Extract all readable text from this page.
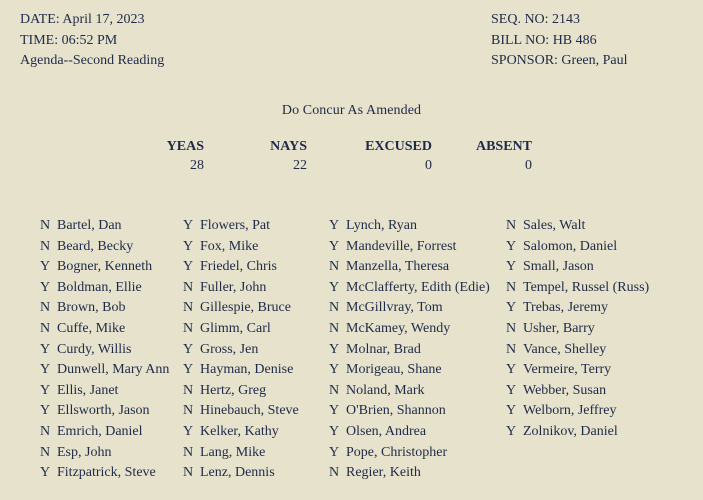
DATE: April 17, 2023
TIME: 06:52 PM
Agenda--Second Reading
SEQ. NO: 2143
BILL NO: HB 486
SPONSOR: Green, Paul
Do Concur As Amended
YEAS
28
NAYS
22
EXCUSED
0
ABSENT
0
N Bartel, Dan
N Beard, Becky
Y Bogner, Kenneth
Y Boldman, Ellie
N Brown, Bob
N Cuffe, Mike
Y Curdy, Willis
Y Dunwell, Mary Ann
Y Ellis, Janet
Y Ellsworth, Jason
N Emrich, Daniel
N Esp, John
Y Fitzpatrick, Steve
Y Flowers, Pat
Y Fox, Mike
Y Friedel, Chris
N Fuller, John
N Gillespie, Bruce
N Glimm, Carl
Y Gross, Jen
Y Hayman, Denise
N Hertz, Greg
N Hinebauch, Steve
Y Kelker, Kathy
N Lang, Mike
N Lenz, Dennis
Y Lynch, Ryan
Y Mandeville, Forrest
N Manzella, Theresa
Y McClafferty, Edith (Edie)
N McGillvray, Tom
N McKamey, Wendy
Y Molnar, Brad
Y Morigeau, Shane
N Noland, Mark
Y O'Brien, Shannon
Y Olsen, Andrea
Y Pope, Christopher
N Regier, Keith
N Sales, Walt
Y Salomon, Daniel
Y Small, Jason
N Tempel, Russel (Russ)
Y Trebas, Jeremy
N Usher, Barry
N Vance, Shelley
Y Vermeire, Terry
Y Webber, Susan
Y Welborn, Jeffrey
Y Zolnikov, Daniel
